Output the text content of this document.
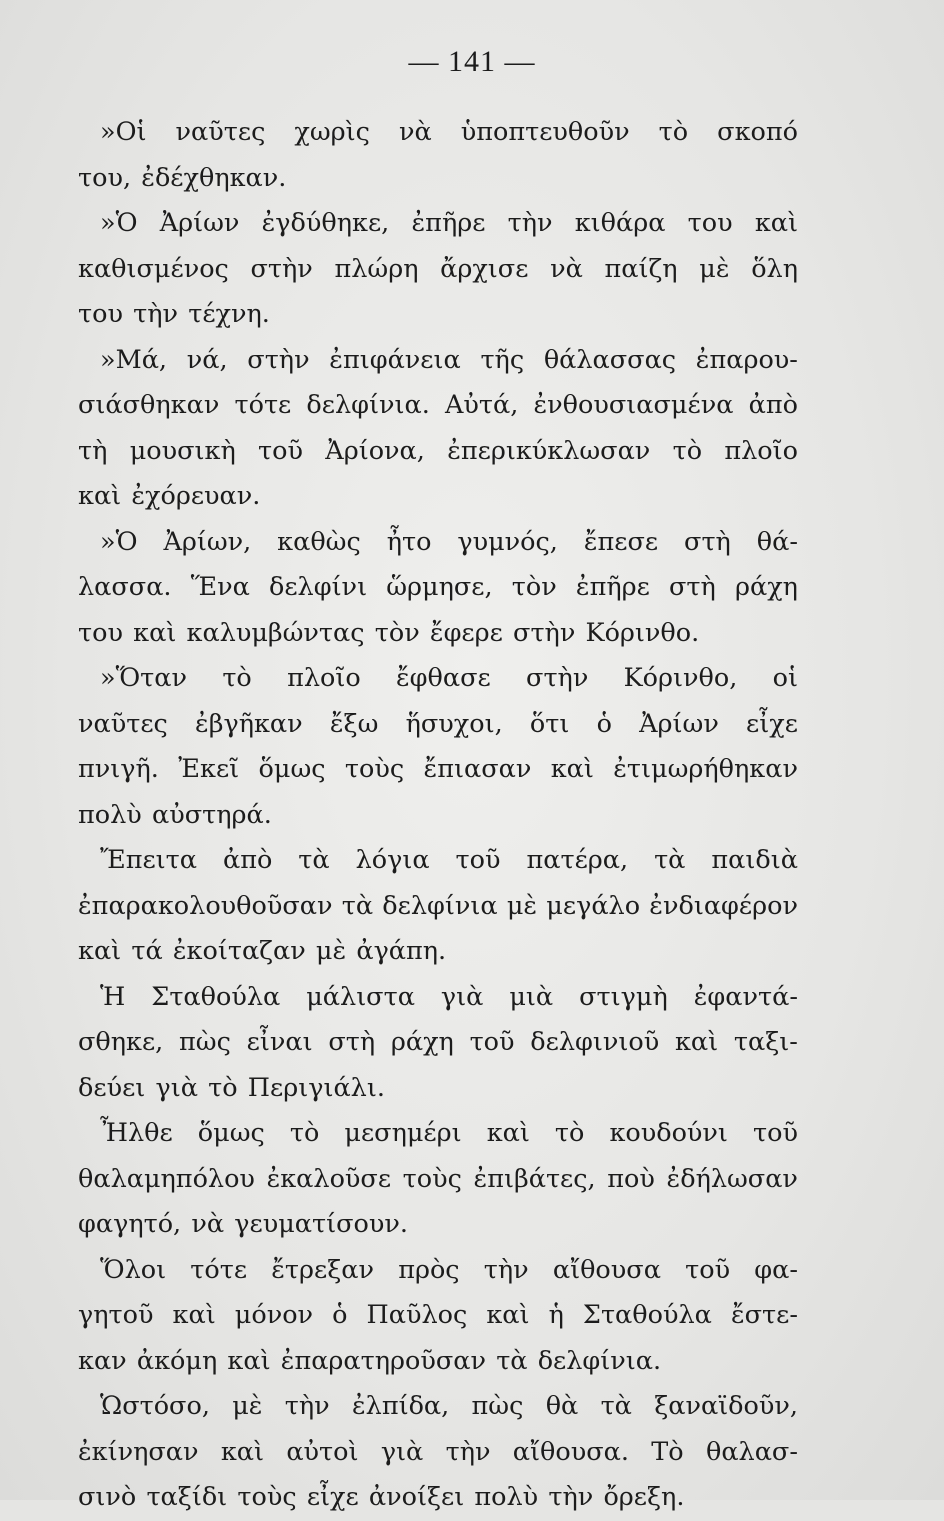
— 141 —
»Οἱ ναῦτες χωρὶς νὰ ὑποπτευθοῦν τὸ σκοπό
του, ἐδέχθηκαν.
»Ὁ Ἀρίων ἐγδύθηκε, ἐπῆρε τὴν κιθάρα του καὶ
καθισμένος στὴν πλώρη ἄρχισε νὰ παίζη μὲ ὅλη
του τὴν τέχνη.
»Μά, νά, στὴν ἐπιφάνεια τῆς θάλασσας ἐπαρου-
σιάσθηκαν τότε δελφίνια. Αὐτά, ἐνθουσιασμένα ἀπὸ
τὴ μουσικὴ τοῦ Ἀρίονα, ἐπερικύκλωσαν τὸ πλοῖο
καὶ ἐχόρευαν.
»Ὁ Ἀρίων, καθὼς ἦτο γυμνός, ἔπεσε στὴ θά-
λασσα. Ἕνα δελφίνι ὥρμησε, τὸν ἐπῆρε στὴ ράχη
του καὶ καλυμβώντας τὸν ἔφερε στὴν Κόρινθο.
»Ὅταν τὸ πλοῖο ἔφθασε στὴν Κόρινθο, οἱ
ναῦτες ἐβγῆκαν ἔξω ἥσυχοι, ὅτι ὁ Ἀρίων εἶχε
πνιγῆ. Ἐκεῖ ὅμως τοὺς ἔπιασαν καὶ ἐτιμωρήθηκαν
πολὺ αὐστηρά.
Ἔπειτα ἀπὸ τὰ λόγια τοῦ πατέρα, τὰ παιδιὰ
ἐπαρακολουθοῦσαν τὰ δελφίνια μὲ μεγάλο ἐνδιαφέρον
καὶ τά ἐκοίταζαν μὲ ἀγάπη.
Ἡ Σταθούλα μάλιστα γιὰ μιὰ στιγμὴ ἐφαντά-
σθηκε, πὼς εἶναι στὴ ράχη τοῦ δελφινιοῦ καὶ ταξι-
δεύει γιὰ τὸ Περιγιάλι.
Ἦλθε ὅμως τὸ μεσημέρι καὶ τὸ κουδούνι τοῦ
θαλαμηπόλου ἐκαλοῦσε τοὺς ἐπιβάτες, ποὺ ἐδήλωσαν
φαγητό, νὰ γευματίσουν.
Ὅλοι τότε ἔτρεξαν πρὸς τὴν αἴθουσα τοῦ φα-
γητοῦ καὶ μόνον ὁ Παῦλος καὶ ἡ Σταθούλα ἔστε-
καν ἀκόμη καὶ ἐπαρατηροῦσαν τὰ δελφίνια.
Ὡστόσο, μὲ τὴν ἐλπίδα, πὼς θὰ τὰ ξαναϊδοῦν,
ἐκίνησαν καὶ αὐτοὶ γιὰ τὴν αἴθουσα. Τὸ θαλασ-
σινὸ ταξίδι τοὺς εἶχε ἀνοίξει πολὺ τὴν ὄρεξη.
